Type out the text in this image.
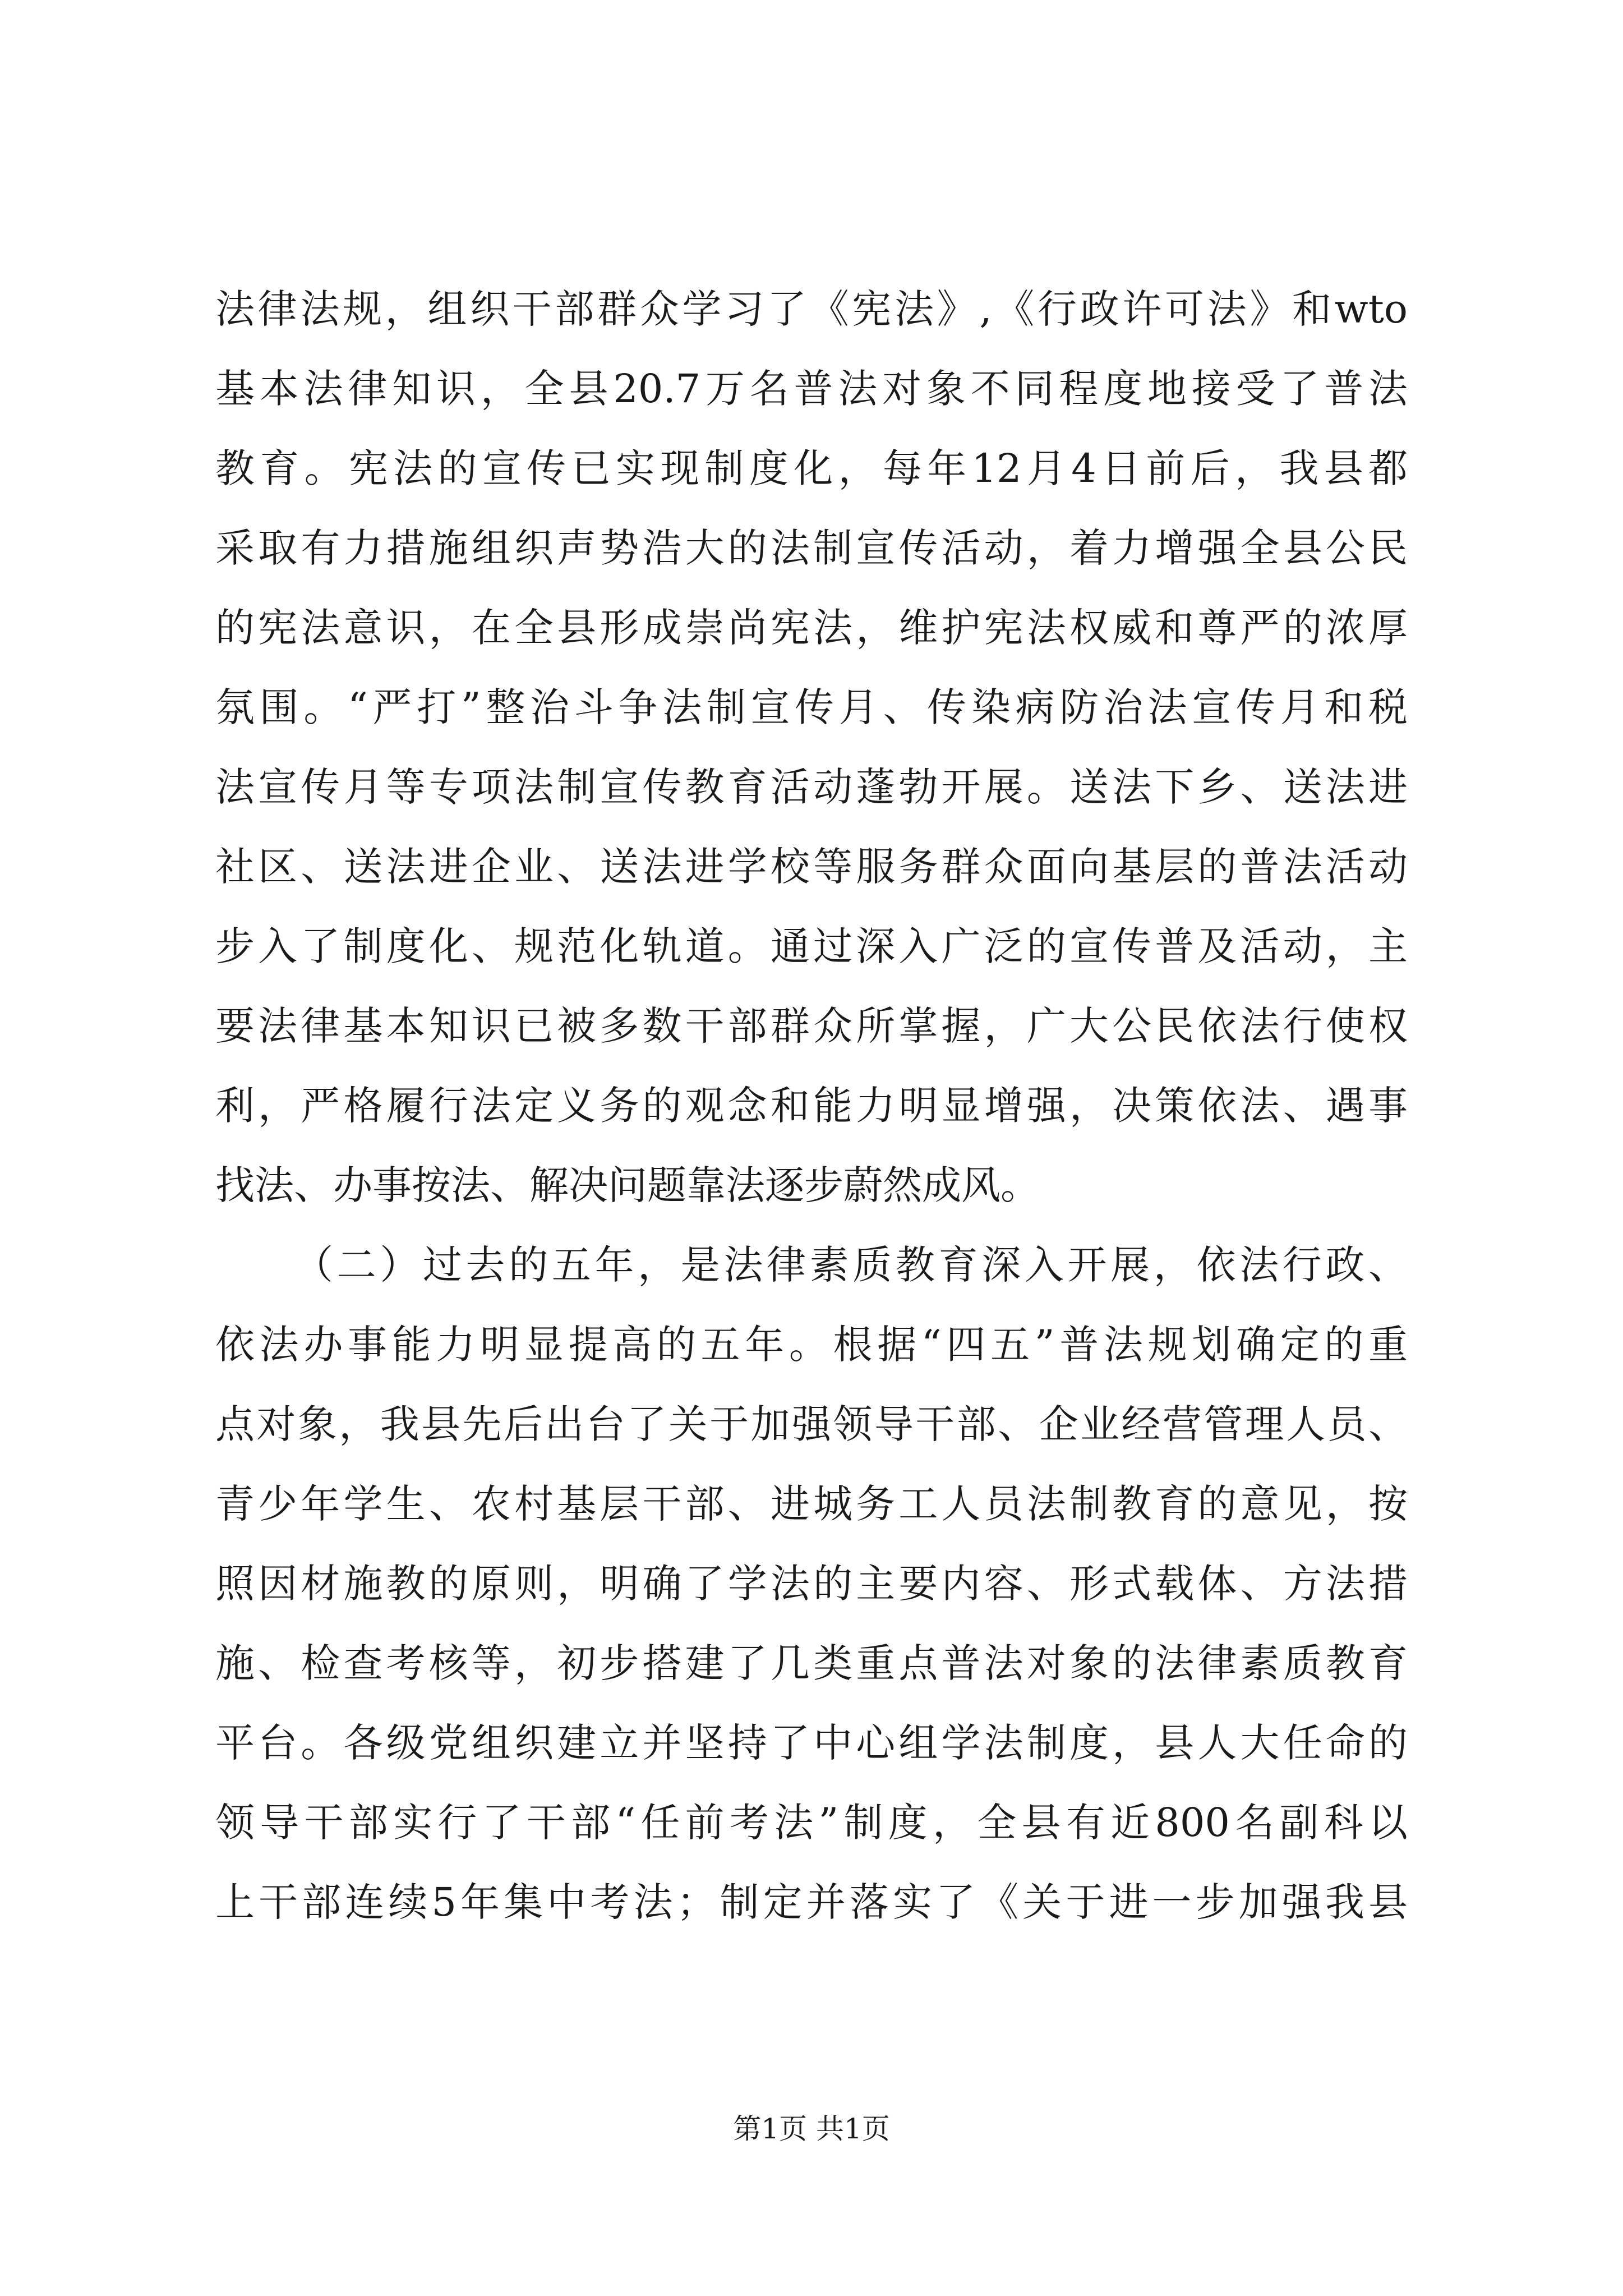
法律法规，组织干部群众学习了《宪法》,《行政许可法》和wto
基本法律知识，全县20.7万名普法对象不同程度地接受了普法
教育。宪法的宣传已实现制度化，每年12月4日前后，我县都
采取有力措施组织声势浩大的法制宣传活动，着力增强全县公民
的宪法意识，在全县形成崇尚宪法，维护宪法权威和尊严的浓厚
氛围。“严打”整治斗争法制宣传月、传染病防治法宣传月和税
法宣传月等专项法制宣传教育活动蓬勃开展。送法下乡、送法进
社区、送法进企业、送法进学校等服务群众面向基层的普法活动
步入了制度化、规范化轨道。通过深入广泛的宣传普及活动，主
要法律基本知识已被多数干部群众所掌握，广大公民依法行使权
利，严格履行法定义务的观念和能力明显增强，决策依法、遇事
找法、办事按法、解决问题靠法逐步蔚然成风。
（二）过去的五年，是法律素质教育深入开展，依法行政、
依法办事能力明显提高的五年。根据“四五”普法规划确定的重
点对象，我县先后出台了关于加强领导干部、企业经营管理人员、
青少年学生、农村基层干部、进城务工人员法制教育的意见，按
照因材施教的原则，明确了学法的主要内容、形式载体、方法措
施、检查考核等，初步搭建了几类重点普法对象的法律素质教育
平台。各级党组织建立并坚持了中心组学法制度，县人大任命的
领导干部实行了干部“任前考法”制度，全县有近800名副科以
上干部连续5年集中考法；制定并落实了《关于进一步加强我县
第1页 共1页
